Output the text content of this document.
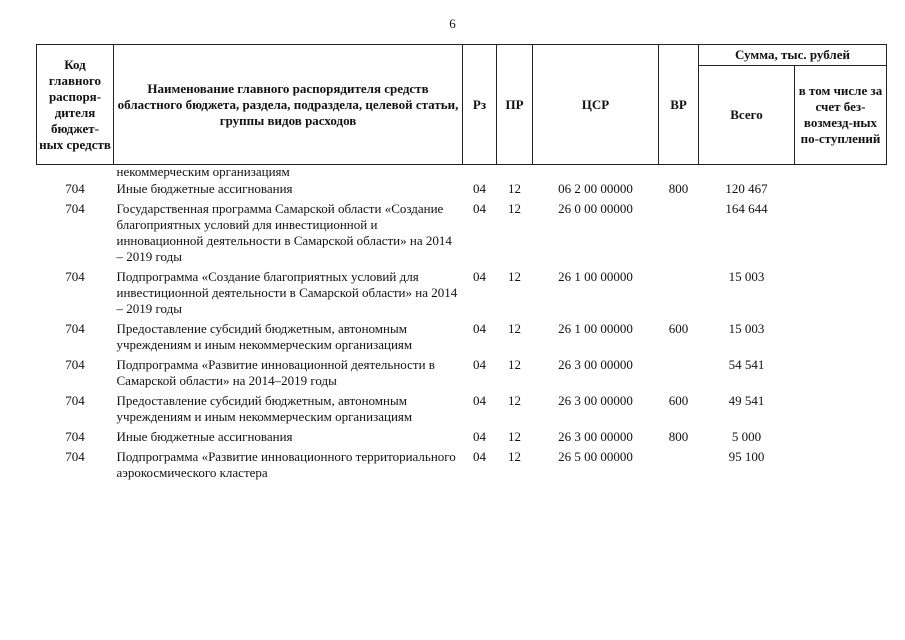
6
Код главного распоря-дителя бюджет-ных средств	Наименование главного распорядителя средств областного бюджета, раздела, подраздела, целевой статьи, группы видов расходов	Рз	ПР	ЦСР	ВР	Сумма, тыс. рублей	
						Всего	в том числе за счет без-возмезд-ных по-ступлений
	некоммерческим организациям						
704	Иные бюджетные ассигнования	04	12	06 2 00 00000	800	120 467	
704	Государственная программа Самарской области «Создание благоприятных условий для инвестиционной и инновационной деятельности в Самарской области» на 2014 – 2019 годы	04	12	26 0 00 00000		164 644	
704	Подпрограмма «Создание благоприятных условий для инвестиционной деятельности в Самарской области» на 2014 – 2019 годы	04	12	26 1 00 00000		15 003	
704	Предоставление субсидий бюджетным, автономным учреждениям и иным некоммерческим организациям	04	12	26 1 00 00000	600	15 003	
704	Подпрограмма «Развитие инновационной деятельности в Самарской области» на 2014–2019 годы	04	12	26 3 00 00000		54 541	
704	Предоставление субсидий бюджетным, автономным учреждениям и иным некоммерческим организациям	04	12	26 3 00 00000	600	49 541	
704	Иные бюджетные ассигнования	04	12	26 3 00 00000	800	5 000	
704	Подпрограмма «Развитие инновационного территориального аэрокосмического кластера	04	12	26 5 00 00000		95 100	
